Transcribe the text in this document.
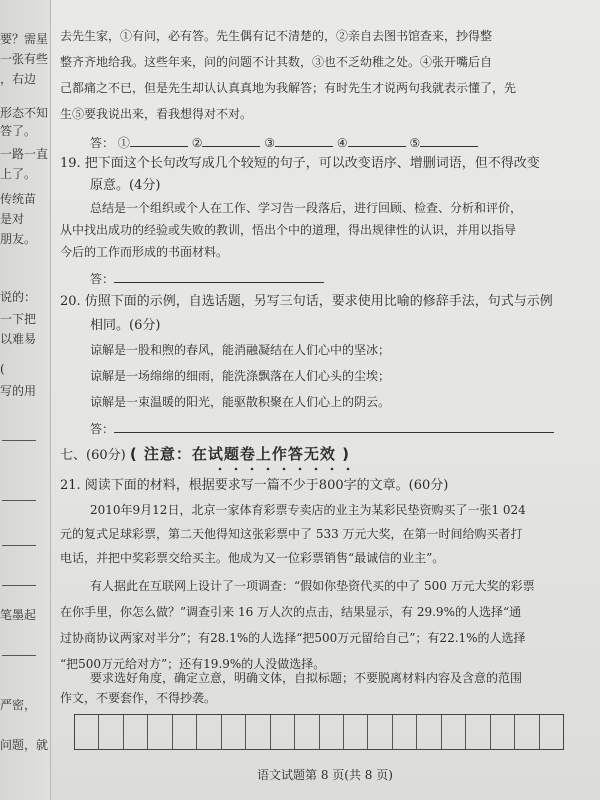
要？需星
一张有些
，右边
形态不知
答了。
一路一直
上了。
传统苗
是对
朋友。
说的：
一下把
以难易
(
写的用
笔墨起
严密，
问题，就
去先生家，①有问，必有答。先生偶有记不清楚的，②亲自去图书馆查来，抄得整
整齐齐地给我。这些年来，问的问题不计其数，③也不乏幼稚之处。④张开嘴后自
己都痛之不已，但是先生却认认真真地为我解答；有时先生才说两句我就表示懂了，先
生⑤要我说出来，看我想得对不对。
答： ①	②	③	④	⑤
19. 把下面这个长句改写成几个较短的句子，可以改变语序、增删词语，但不得改变
原意。(4分)
总结是一个组织或个人在工作、学习告一段落后，进行回顾、检查、分析和评价，
从中找出成功的经验或失败的教训，悟出个中的道理，得出规律性的认识，并用以指导
今后的工作而形成的书面材料。
答：
20. 仿照下面的示例，自选话题，另写三句话，要求使用比喻的修辞手法，句式与示例
相同。(6分)
谅解是一股和煦的春风，能消融凝结在人们心中的坚冰；
谅解是一场绵绵的细雨，能洗涤飘落在人们心头的尘埃；
谅解是一束温暖的阳光，能驱散积聚在人们心上的阴云。
答：
七、(60分) ( 注意：在试题卷上作答无效 )
21. 阅读下面的材料，根据要求写一篇不少于800字的文章。(60分)
2010年9月12日，北京一家体育彩票专卖店的业主为某彩民垫资购买了一张1 024
元的复式足球彩票，第二天他得知这张彩票中了 533 万元大奖，在第一时间给购买者打
电话，并把中奖彩票交给买主。他成为又一位彩票销售“最诚信的业主”。
有人据此在互联网上设计了一项调查：“假如你垫资代买的中了 500 万元大奖的彩票
在你手里，你怎么做？”调查引来 16 万人次的点击，结果显示，有 29.9%的人选择“通
过协商协议两家对半分”；有28.1%的人选择“把500万元留给自己”；有22.1%的人选择
“把500万元给对方”；还有19.9%的人没做选择。
要求选好角度，确定立意，明确文体，自拟标题；不要脱离材料内容及含意的范围
作文，不要套作，不得抄袭。
语文试题第 8 页(共 8 页)
